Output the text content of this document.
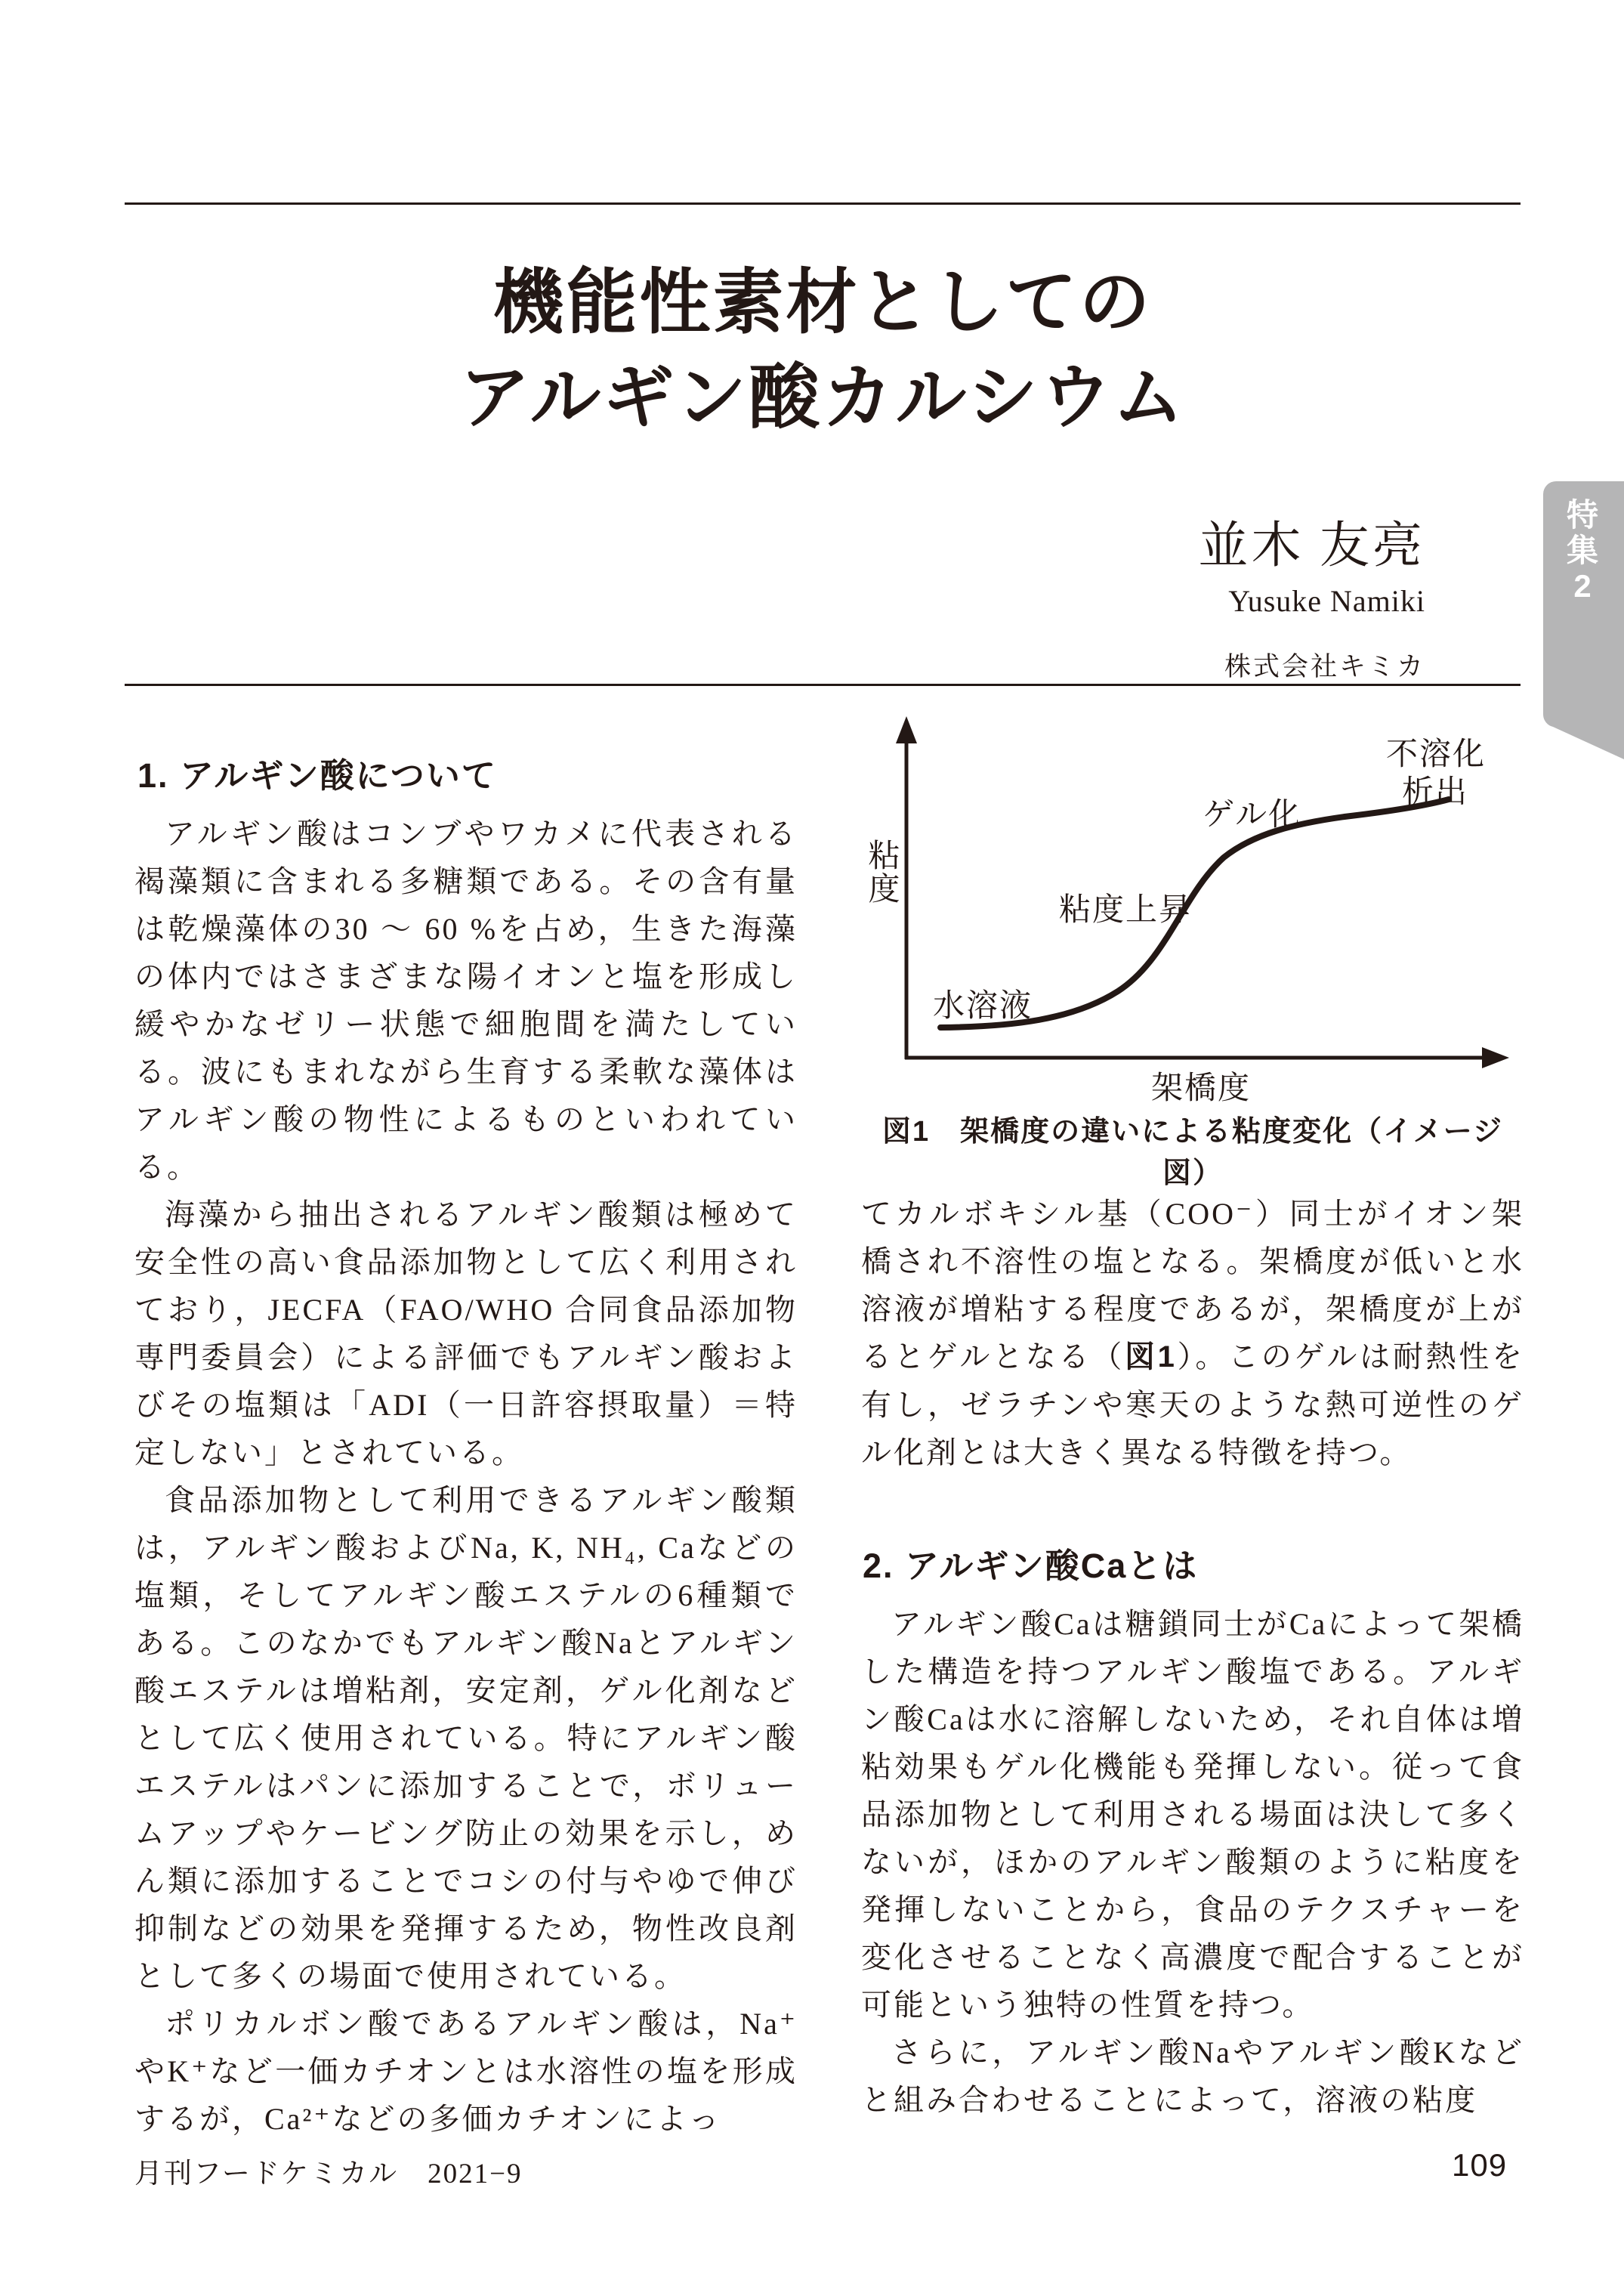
機能性素材としての
アルギン酸カルシウム
並木 友亮
Yusuke Namiki
株式会社キミカ
特
集
2
1. アルギン酸について

アルギン酸はコンブやワカメに代表される褐藻類に含まれる多糖類である。その含有量は乾燥藻体の30 ～ 60 %を占め，生きた海藻の体内ではさまざまな陽イオンと塩を形成し緩やかなゼリー状態で細胞間を満たしている。波にもまれながら生育する柔軟な藻体はアルギン酸の物性によるものといわれている。

海藻から抽出されるアルギン酸類は極めて安全性の高い食品添加物として広く利用されており，JECFA（FAO/WHO 合同食品添加物専門委員会）による評価でもアルギン酸およびその塩類は「ADI（一日許容摂取量）＝特定しない」とされている。

食品添加物として利用できるアルギン酸類は，アルギン酸およびNa, K, NH₄, Caなどの塩類，そしてアルギン酸エステルの6種類である。このなかでもアルギン酸Naとアルギン酸エステルは増粘剤，安定剤，ゲル化剤などとして広く使用されている。特にアルギン酸エステルはパンに添加することで，ボリュームアップやケービング防止の効果を示し，めん類に添加することでコシの付与やゆで伸び抑制などの効果を発揮するため，物性改良剤として多くの場面で使用されている。

ポリカルボン酸であるアルギン酸は，Na⁺やK⁺など一価カチオンとは水溶性の塩を形成するが，Ca²⁺などの多価カチオンによっ

粘度
水溶液
粘度上昇
ゲル化
不溶化
析出
架橋度
図1　架橋度の違いによる粘度変化（イメージ図）

てカルボキシル基（COO⁻）同士がイオン架橋され不溶性の塩となる。架橋度が低いと水溶液が増粘する程度であるが，架橋度が上がるとゲルとなる（図1）。このゲルは耐熱性を有し，ゼラチンや寒天のような熱可逆性のゲル化剤とは大きく異なる特徴を持つ。

2. アルギン酸Caとは

アルギン酸Caは糖鎖同士がCaによって架橋した構造を持つアルギン酸塩である。アルギン酸Caは水に溶解しないため，それ自体は増粘効果もゲル化機能も発揮しない。従って食品添加物として利用される場面は決して多くないが，ほかのアルギン酸類のように粘度を発揮しないことから，食品のテクスチャーを変化させることなく高濃度で配合することが可能という独特の性質を持つ。

さらに，アルギン酸Naやアルギン酸Kなどと組み合わせることによって，溶液の粘度

月刊フードケミカル　2021−9	109
